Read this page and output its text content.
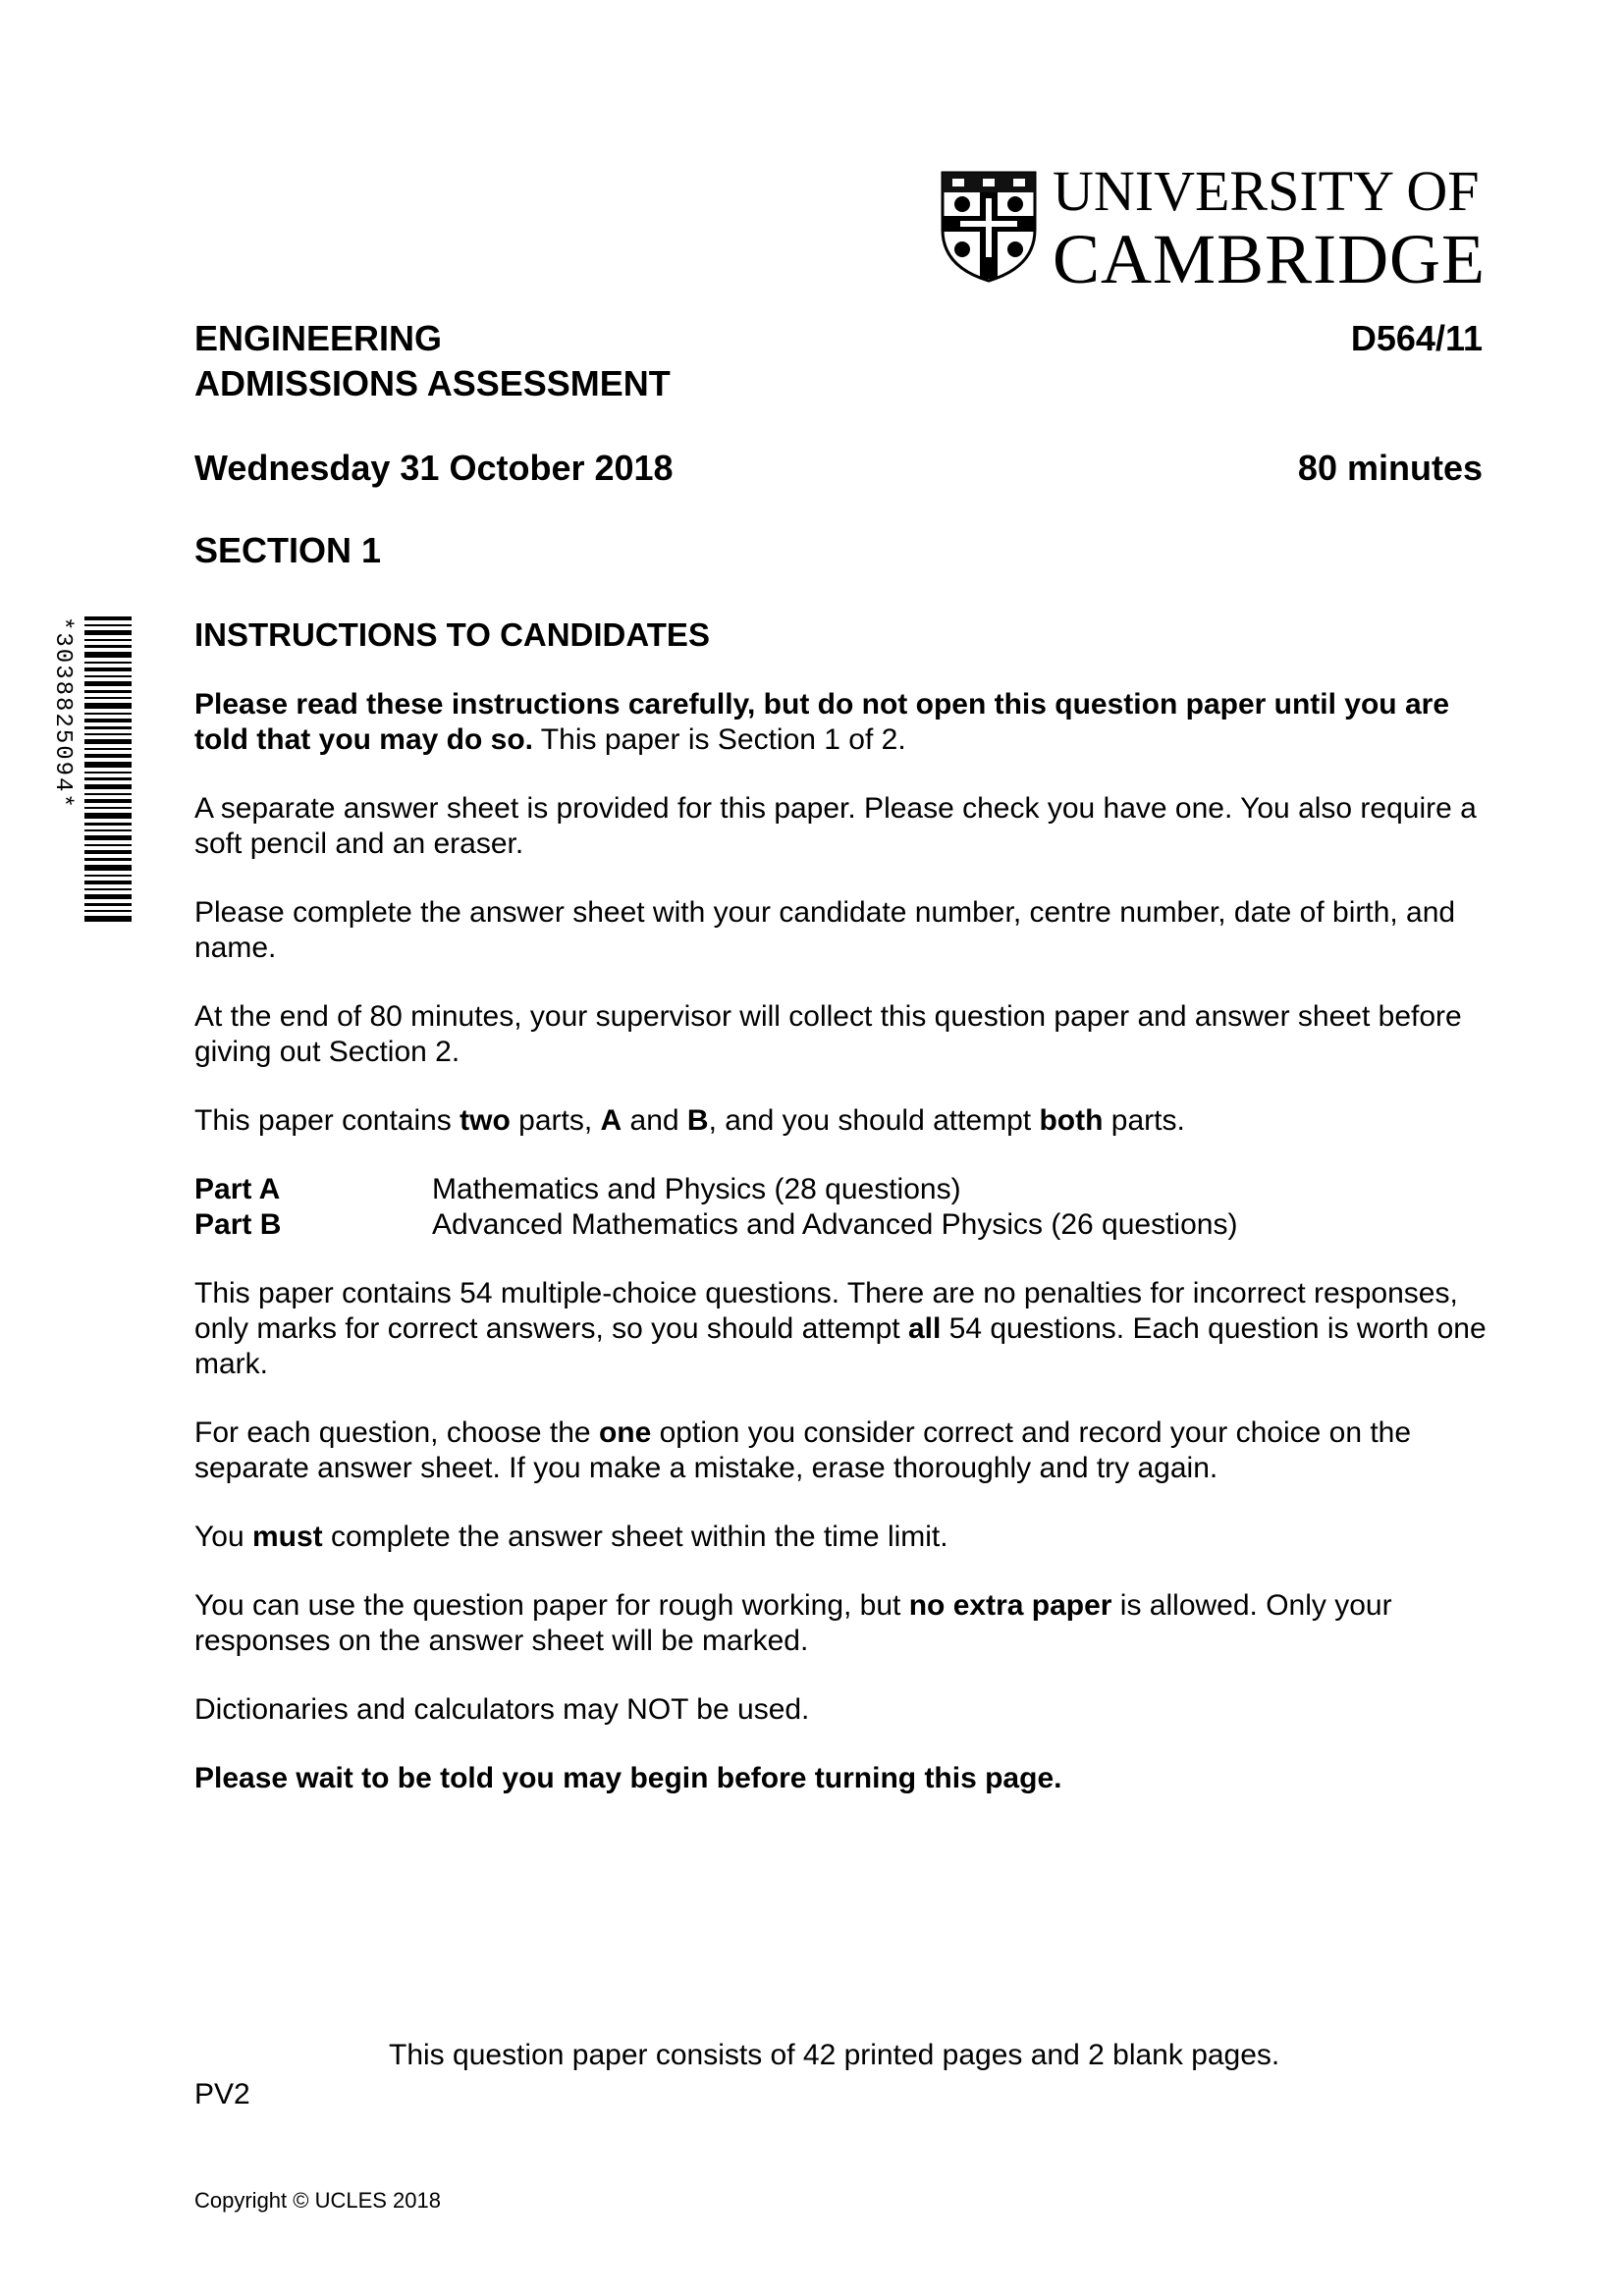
UNIVERSITY OF
CAMBRIDGE
ENGINEERING
ADMISSIONS ASSESSMENT
D564/11
Wednesday 31 October 2018	80 minutes
SECTION 1
*3038825094*	INSTRUCTIONS TO CANDIDATES

Please read these instructions carefully, but do not open this question paper until you are told that you may do so. This paper is Section 1 of 2.

A separate answer sheet is provided for this paper. Please check you have one. You also require a soft pencil and an eraser.

Please complete the answer sheet with your candidate number, centre number, date of birth, and name.

At the end of 80 minutes, your supervisor will collect this question paper and answer sheet before giving out Section 2.

This paper contains two parts, A and B, and you should attempt both parts.

Part A	Mathematics and Physics (28 questions)
Part B	Advanced Mathematics and Advanced Physics (26 questions)

This paper contains 54 multiple-choice questions. There are no penalties for incorrect responses, only marks for correct answers, so you should attempt all 54 questions. Each question is worth one mark.

For each question, choose the one option you consider correct and record your choice on the separate answer sheet. If you make a mistake, erase thoroughly and try again.

You must complete the answer sheet within the time limit.

You can use the question paper for rough working, but no extra paper is allowed. Only your responses on the answer sheet will be marked.

Dictionaries and calculators may NOT be used.

Please wait to be told you may begin before turning this page.

This question paper consists of 42 printed pages and 2 blank pages.
PV2
Copyright © UCLES 2018
